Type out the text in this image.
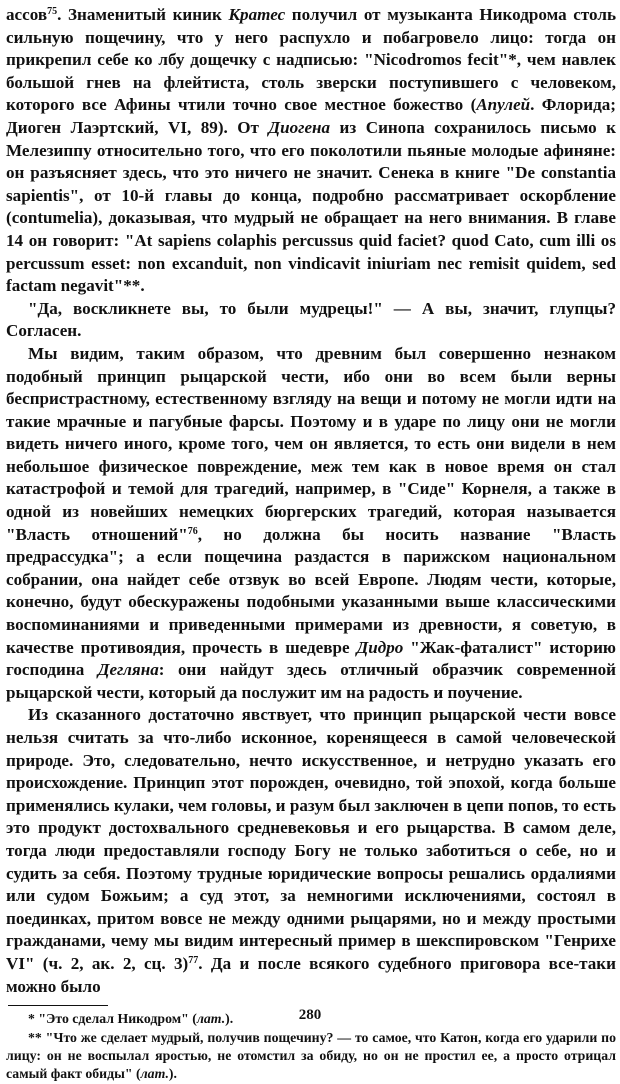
ассов$^{75}$. Знаменитый киник Кратес получил от музыканта Никодрома столь сильную пощечину, что у него распухло и побагровело лицо: тогда он прикрепил себе ко лбу дощечку с надписью: "Nicodromos fecit"*, чем навлек большой гнев на флейтиста, столь зверски поступившего с человеком, которого все Афины чтили точно свое местное божество (Апулей. Флорида; Диоген Лаэртский, VI, 89). От Диогена из Синопа сохранилось письмо к Мелезиппу относительно того, что его поколотили пьяные молодые афиняне: он разъясняет здесь, что это ничего не значит. Сенека в книге "De constantia sapientis", от 10-й главы до конца, подробно рассматривает оскорбление (contumelia), доказывая, что мудрый не обращает на него внимания. В главе 14 он говорит: "At sapiens colaphis percussus quid faciet? quod Cato, cum illi os percussum esset: non excanduit, non vindicavit iniuriam nec remisit quidem, sed factam negavit"**.

"Да, воскликнете вы, то были мудрецы!" — А вы, значит, глупцы? Согласен.

Мы видим, таким образом, что древним был совершенно незнаком подобный принцип рыцарской чести, ибо они во всем были верны беспристрастному, естественному взгляду на вещи и потому не могли идти на такие мрачные и пагубные фарсы. Поэтому и в ударе по лицу они не могли видеть ничего иного, кроме того, чем он является, то есть они видели в нем небольшое физическое повреждение, меж тем как в новое время он стал катастрофой и темой для трагедий, например, в "Сиде" Корнеля, а также в одной из новейших немецких бюргерских трагедий, которая называется "Власть отношений"$^{76}$, но должна бы носить название "Власть предрассудка"; а если пощечина раздастся в парижском национальном собрании, она найдет себе отзвук во всей Европе. Людям чести, которые, конечно, будут обескуражены подобными указанными выше классическими воспоминаниями и приведенными примерами из древности, я советую, в качестве противоядия, прочесть в шедевре Дидро "Жак-фаталист" историю господина Дегляна: они найдут здесь отличный образчик современной рыцарской чести, который да послужит им на радость и поучение.

Из сказанного достаточно явствует, что принцип рыцарской чести вовсе нельзя считать за что-либо исконное, коренящееся в самой человеческой природе. Это, следовательно, нечто искусственное, и нетрудно указать его происхождение. Принцип этот порожден, очевидно, той эпохой, когда больше применялись кулаки, чем головы, и разум был заключен в цепи попов, то есть это продукт достохвального средневековья и его рыцарства. В самом деле, тогда люди предоставляли господу Богу не только заботиться о себе, но и судить за себя. Поэтому трудные юридические вопросы решались ордалиями или судом Божьим; а суд этот, за немногими исключениями, состоял в поединках, притом вовсе не между одними рыцарями, но и между простыми гражданами, чему мы видим интересный пример в шекспировском "Генрихе VI" (ч. 2, ак. 2, сц. 3)$^{77}$. Да и после всякого судебного приговора все-таки можно было

* "Это сделал Никодром" (лат.).

** "Что же сделает мудрый, получив пощечину? — то самое, что Катон, когда его ударили по лицу: он не воспылал яростью, не отомстил за обиду, но он не простил ее, а просто отрицал самый факт обиды" (лат.).

280
